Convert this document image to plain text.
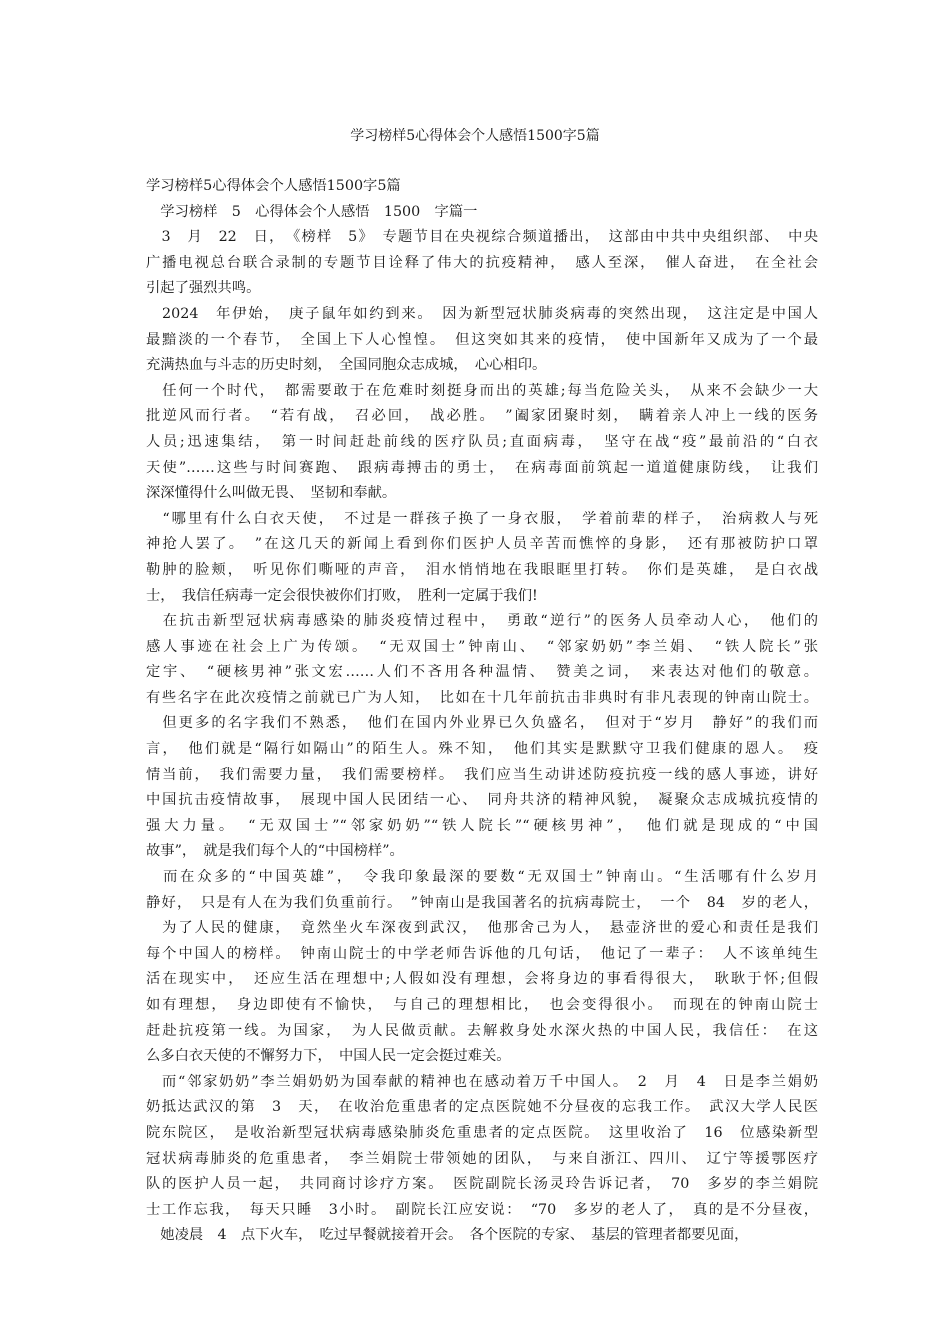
学习榜样5心得体会个人感悟1500字5篇
学习榜样5心得体会个人感悟1500字5篇
　学习榜样　5　心得体会个人感悟　1500　字篇一
　3　月　22　日，　《榜样　5》　专题节目在央视综合频道播出，　这部由中共中央组织部、　中央
广播电视总台联合录制的专题节目诠释了伟大的抗疫精神，　感人至深，　催人奋进，　在全社会
引起了强烈共鸣。
　2024　年伊始，　庚子鼠年如约到来。　因为新型冠状肺炎病毒的突然出现，　这注定是中国人
最黯淡的一个春节，　全国上下人心惶惶。　但这突如其来的疫情，　使中国新年又成为了一个最
充满热血与斗志的历史时刻，　全国同胞众志成城，　心心相印。
　任何一个时代，　都需要敢于在危难时刻挺身而出的英雄;每当危险关头，　从来不会缺少一大
批逆风而行者。　“若有战，　召必回，　战必胜。　”阖家团聚时刻，　瞒着亲人冲上一线的医务
人员;迅速集结，　第一时间赶赴前线的医疗队员;直面病毒，　坚守在战“疫”最前沿的“白衣
天使”……这些与时间赛跑、　跟病毒搏击的勇士，　在病毒面前筑起一道道健康防线，　让我们
深深懂得什么叫做无畏、　坚韧和奉献。
　“哪里有什么白衣天使，　不过是一群孩子换了一身衣服，　学着前辈的样子，　治病救人与死
神抢人罢了。　”在这几天的新闻上看到你们医护人员辛苦而憔悴的身影，　还有那被防护口罩
勒肿的脸颊，　听见你们嘶哑的声音，　泪水悄悄地在我眼眶里打转。　你们是英雄，　是白衣战
士，　我信任病毒一定会很快被你们打败，　胜利一定属于我们!
　在抗击新型冠状病毒感染的肺炎疫情过程中，　勇敢“逆行”的医务人员牵动人心，　他们的
感人事迹在社会上广为传颂。　“无双国士”钟南山、　“邻家奶奶”李兰娟、　“铁人院长”张
定宇、　“硬核男神”张文宏……人们不吝用各种温情、　赞美之词，　来表达对他们的敬意。
有些名字在此次疫情之前就已广为人知，　比如在十几年前抗击非典时有非凡表现的钟南山院士。
　但更多的名字我们不熟悉，　他们在国内外业界已久负盛名，　但对于“岁月　静好”的我们而
言，　他们就是“隔行如隔山”的陌生人。殊不知，　他们其实是默默守卫我们健康的恩人。　疫
情当前，　我们需要力量，　我们需要榜样。　我们应当生动讲述防疫抗疫一线的感人事迹，讲好
中国抗击疫情故事，　展现中国人民团结一心、　同舟共济的精神风貌，　凝聚众志成城抗疫情的
强大力量。　“无双国士”“邻家奶奶”“铁人院长”“硬核男神”，　他们就是现成的“中国
故事”，　就是我们每个人的“中国榜样”。
　而在众多的“中国英雄”，　令我印象最深的要数“无双国士”钟南山。“生活哪有什么岁月
静好，　只是有人在为我们负重前行。　”钟南山是我国著名的抗病毒院士，　一个　84　岁的老人，
　为了人民的健康，　竟然坐火车深夜到武汉，　他那舍己为人，　悬壶济世的爱心和责任是我们
每个中国人的榜样。　钟南山院士的中学老师告诉他的几句话，　他记了一辈子：　人不该单纯生
活在现实中，　还应生活在理想中;人假如没有理想，会将身边的事看得很大，　耿耿于怀;但假
如有理想，　身边即使有不愉快，　与自己的理想相比，　也会变得很小。　而现在的钟南山院士
赶赴抗疫第一线。为国家，　为人民做贡献。去解救身处水深火热的中国人民，我信任：　在这
么多白衣天使的不懈努力下，　中国人民一定会挺过难关。
　而“邻家奶奶”李兰娟奶奶为国奉献的精神也在感动着万千中国人。　2　月　4　日是李兰娟奶
奶抵达武汉的第　3　天，　在收治危重患者的定点医院她不分昼夜的忘我工作。　武汉大学人民医
院东院区，　是收治新型冠状病毒感染肺炎危重患者的定点医院。　这里收治了　16　位感染新型
冠状病毒肺炎的危重患者，　李兰娟院士带领她的团队，　与来自浙江、四川、　辽宁等援鄂医疗
队的医护人员一起，　共同商讨诊疗方案。　医院副院长汤灵玲告诉记者，　70　多岁的李兰娟院
士工作忘我，　每天只睡　3小时。　副院长江应安说：　“70　多岁的老人了，　真的是不分昼夜，
　她凌晨　4　点下火车，　吃过早餐就接着开会。　各个医院的专家、　基层的管理者都要见面，
